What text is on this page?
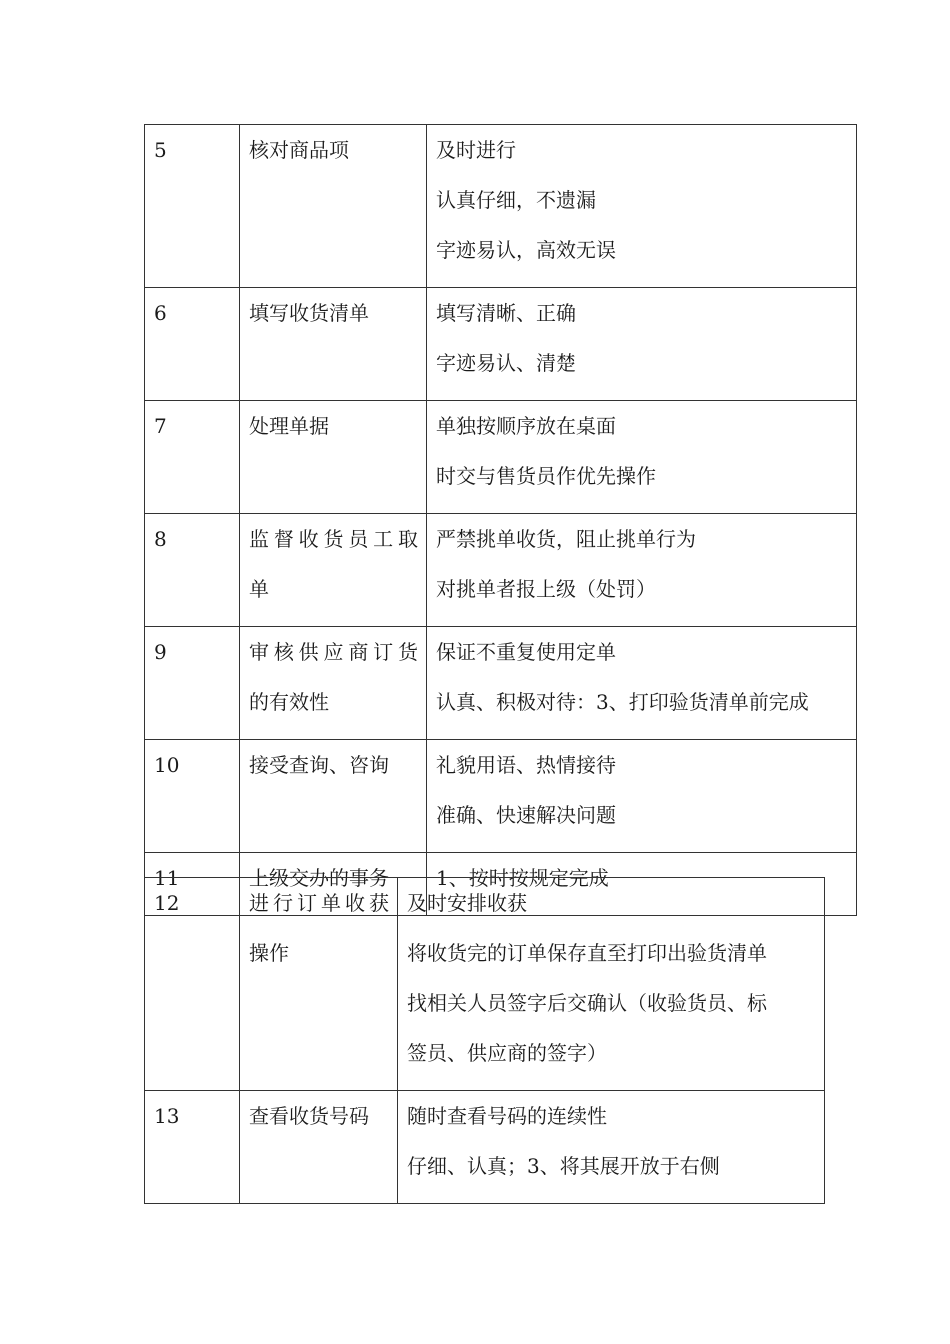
5	核对商品项	及时进行
认真仔细，不遗漏
字迹易认，高效无误

6	填写收货清单	填写清晰、正确
字迹易认、清楚

7	处理单据	单独按顺序放在桌面
时交与售货员作优先操作

8	监督收货员工取
单	严禁挑单收货，阻止挑单行为
对挑单者报上级（处罚）

9	审核供应商订货
的有效性	保证不重复使用定单
认真、积极对待：3、打印验货清单前完成

10	接受查询、咨询	礼貌用语、热情接待
准确、快速解决问题

11	上级交办的事务	1、按时按规定完成
12	进行订单收获
操作	及时安排收获
将收货完的订单保存直至打印出验货清单
找相关人员签字后交确认（收验货员、标
签员、供应商的签字）

13	查看收货号码	随时查看号码的连续性
仔细、认真；3、将其展开放于右侧
